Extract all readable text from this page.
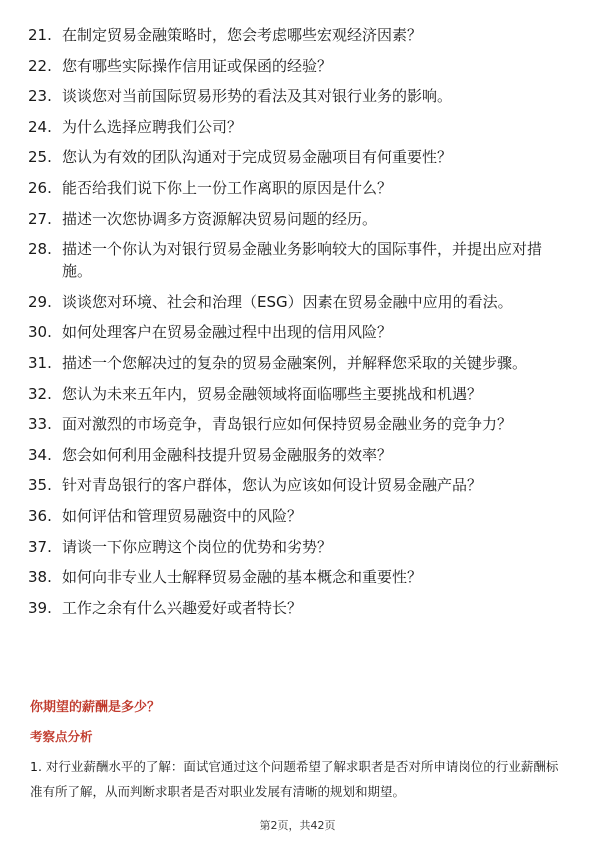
21. 在制定贸易金融策略时，您会考虑哪些宏观经济因素？
22. 您有哪些实际操作信用证或保函的经验？
23. 谈谈您对当前国际贸易形势的看法及其对银行业务的影响。
24. 为什么选择应聘我们公司？
25. 您认为有效的团队沟通对于完成贸易金融项目有何重要性？
26. 能否给我们说下你上一份工作离职的原因是什么？
27. 描述一次您协调多方资源解决贸易问题的经历。
28. 描述一个你认为对银行贸易金融业务影响较大的国际事件，并提出应对措施。
29. 谈谈您对环境、社会和治理（ESG）因素在贸易金融中应用的看法。
30. 如何处理客户在贸易金融过程中出现的信用风险？
31. 描述一个您解决过的复杂的贸易金融案例，并解释您采取的关键步骤。
32. 您认为未来五年内，贸易金融领域将面临哪些主要挑战和机遇？
33. 面对激烈的市场竞争，青岛银行应如何保持贸易金融业务的竞争力？
34. 您会如何利用金融科技提升贸易金融服务的效率？
35. 针对青岛银行的客户群体，您认为应该如何设计贸易金融产品？
36. 如何评估和管理贸易融资中的风险？
37. 请谈一下你应聘这个岗位的优势和劣势？
38. 如何向非专业人士解释贸易金融的基本概念和重要性？
39. 工作之余有什么兴趣爱好或者特长？
你期望的薪酬是多少？
考察点分析
1. 对行业薪酬水平的了解：面试官通过这个问题希望了解求职者是否对所申请岗位的行业薪酬标准有所了解，从而判断求职者是否对职业发展有清晰的规划和期望。
第2页，共42页
